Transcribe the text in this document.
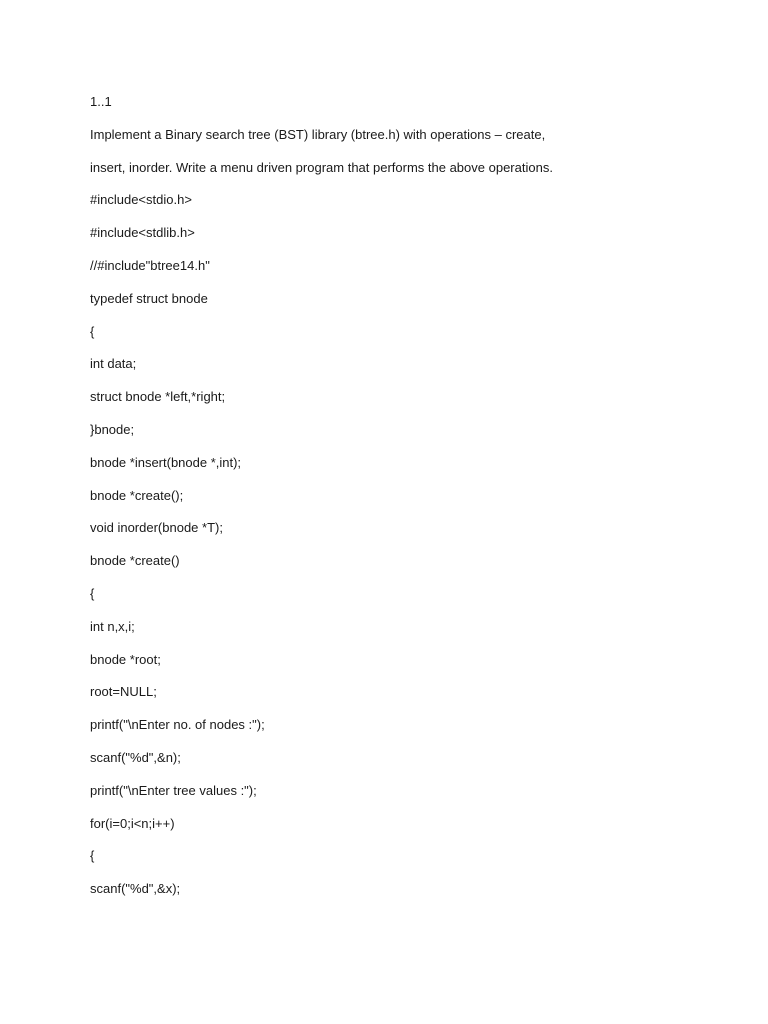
1..1
Implement a Binary search tree (BST) library (btree.h) with operations – create,
insert, inorder. Write a menu driven program that performs the above operations.
#include<stdio.h>
#include<stdlib.h>
//#include"btree14.h"
typedef struct bnode
{
int data;
struct bnode *left,*right;
}bnode;
bnode *insert(bnode *,int);
bnode *create();
void inorder(bnode *T);
bnode *create()
{
int n,x,i;
bnode *root;
root=NULL;
printf("\nEnter no. of nodes :");
scanf("%d",&n);
printf("\nEnter tree values :");
for(i=0;i<n;i++)
{
scanf("%d",&x);
